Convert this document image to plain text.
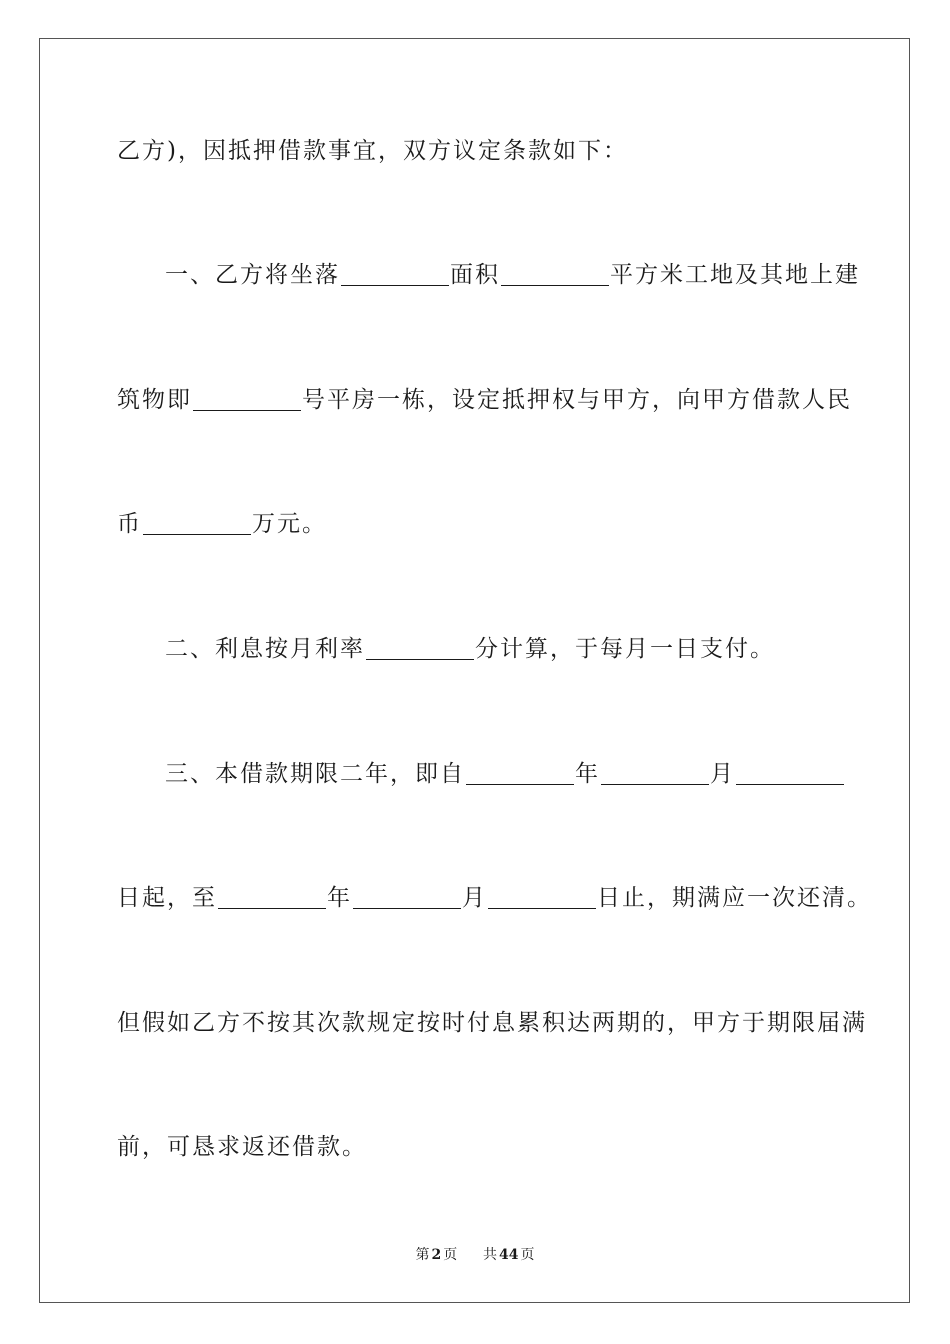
乙方)，因抵押借款事宜，双方议定条款如下：
一、乙方将坐落	面积	平方米工地及其地上建
筑物即	号平房一栋，设定抵押权与甲方，向甲方借款人民
币	万元。
二、利息按月利率	分计算，于每月一日支付。
三、本借款期限二年，即自	年	月
日起，至	年	月	日止，期满应一次还清。
但假如乙方不按其次款规定按时付息累积达两期的，甲方于期限届满
前，可恳求返还借款。
第 2 页 共 44 页
